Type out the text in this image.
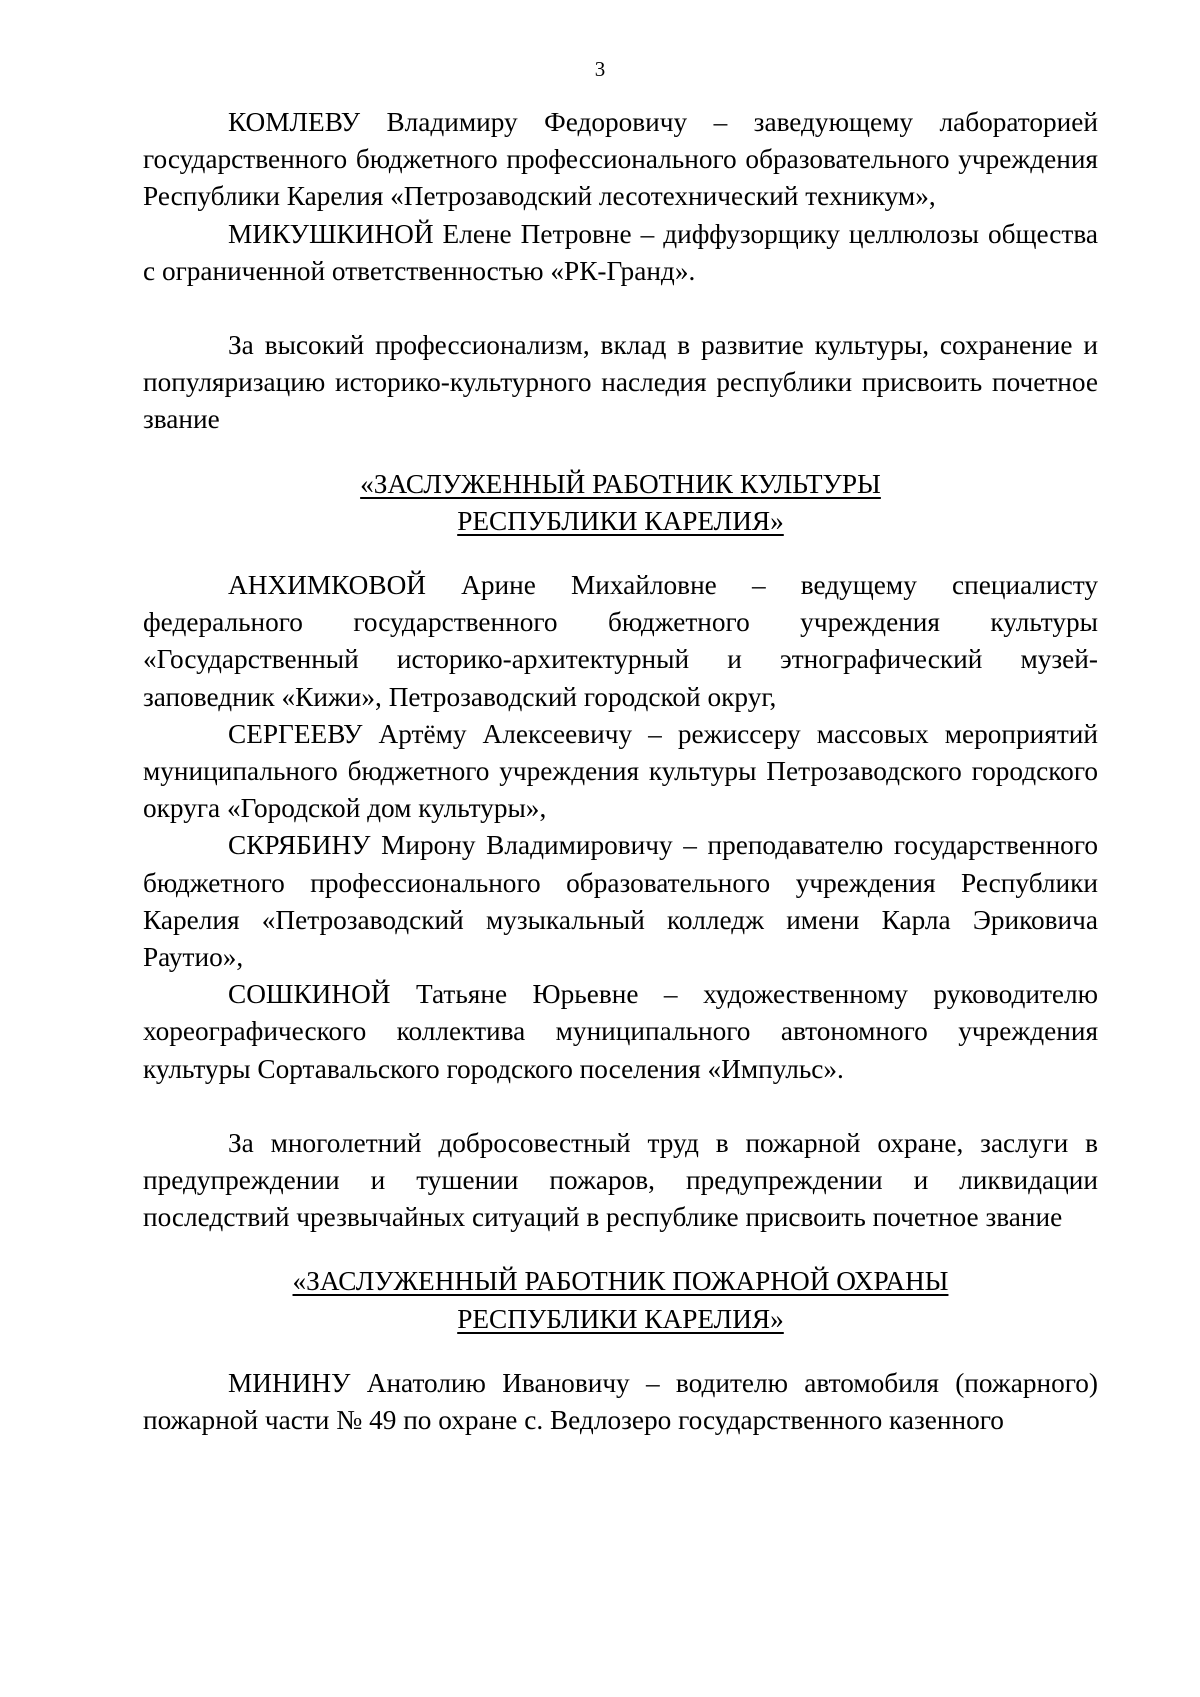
3

КОМЛЕВУ Владимиру Федоровичу – заведующему лабораторией государственного бюджетного профессионального образовательного учреждения Республики Карелия «Петрозаводский лесотехнический техникум»,

МИКУШКИНОЙ Елене Петровне – диффузорщику целлюлозы общества с ограниченной ответственностью «РК-Гранд».

За высокий профессионализм, вклад в развитие культуры, сохранение и популяризацию историко-культурного наследия республики присвоить почетное звание

«ЗАСЛУЖЕННЫЙ РАБОТНИК КУЛЬТУРЫ
РЕСПУБЛИКИ КАРЕЛИЯ»

АНХИМКОВОЙ Арине Михайловне – ведущему специалисту федерального государственного бюджетного учреждения культуры «Государственный историко-архитектурный и этнографический музей-заповедник «Кижи», Петрозаводский городской округ,

СЕРГЕЕВУ Артёму Алексеевичу – режиссеру массовых мероприятий муниципального бюджетного учреждения культуры Петрозаводского городского округа «Городской дом культуры»,

СКРЯБИНУ Мирону Владимировичу – преподавателю государственного бюджетного профессионального образовательного учреждения Республики Карелия «Петрозаводский музыкальный колледж имени Карла Эриковича Раутио»,

СОШКИНОЙ Татьяне Юрьевне – художественному руководителю хореографического коллектива муниципального автономного учреждения культуры Сортавальского городского поселения «Импульс».

За многолетний добросовестный труд в пожарной охране, заслуги в предупреждении и тушении пожаров, предупреждении и ликвидации последствий чрезвычайных ситуаций в республике присвоить почетное звание

«ЗАСЛУЖЕННЫЙ РАБОТНИК ПОЖАРНОЙ ОХРАНЫ
РЕСПУБЛИКИ КАРЕЛИЯ»

МИНИНУ Анатолию Ивановичу – водителю автомобиля (пожарного) пожарной части № 49 по охране с. Ведлозеро государственного казенного
